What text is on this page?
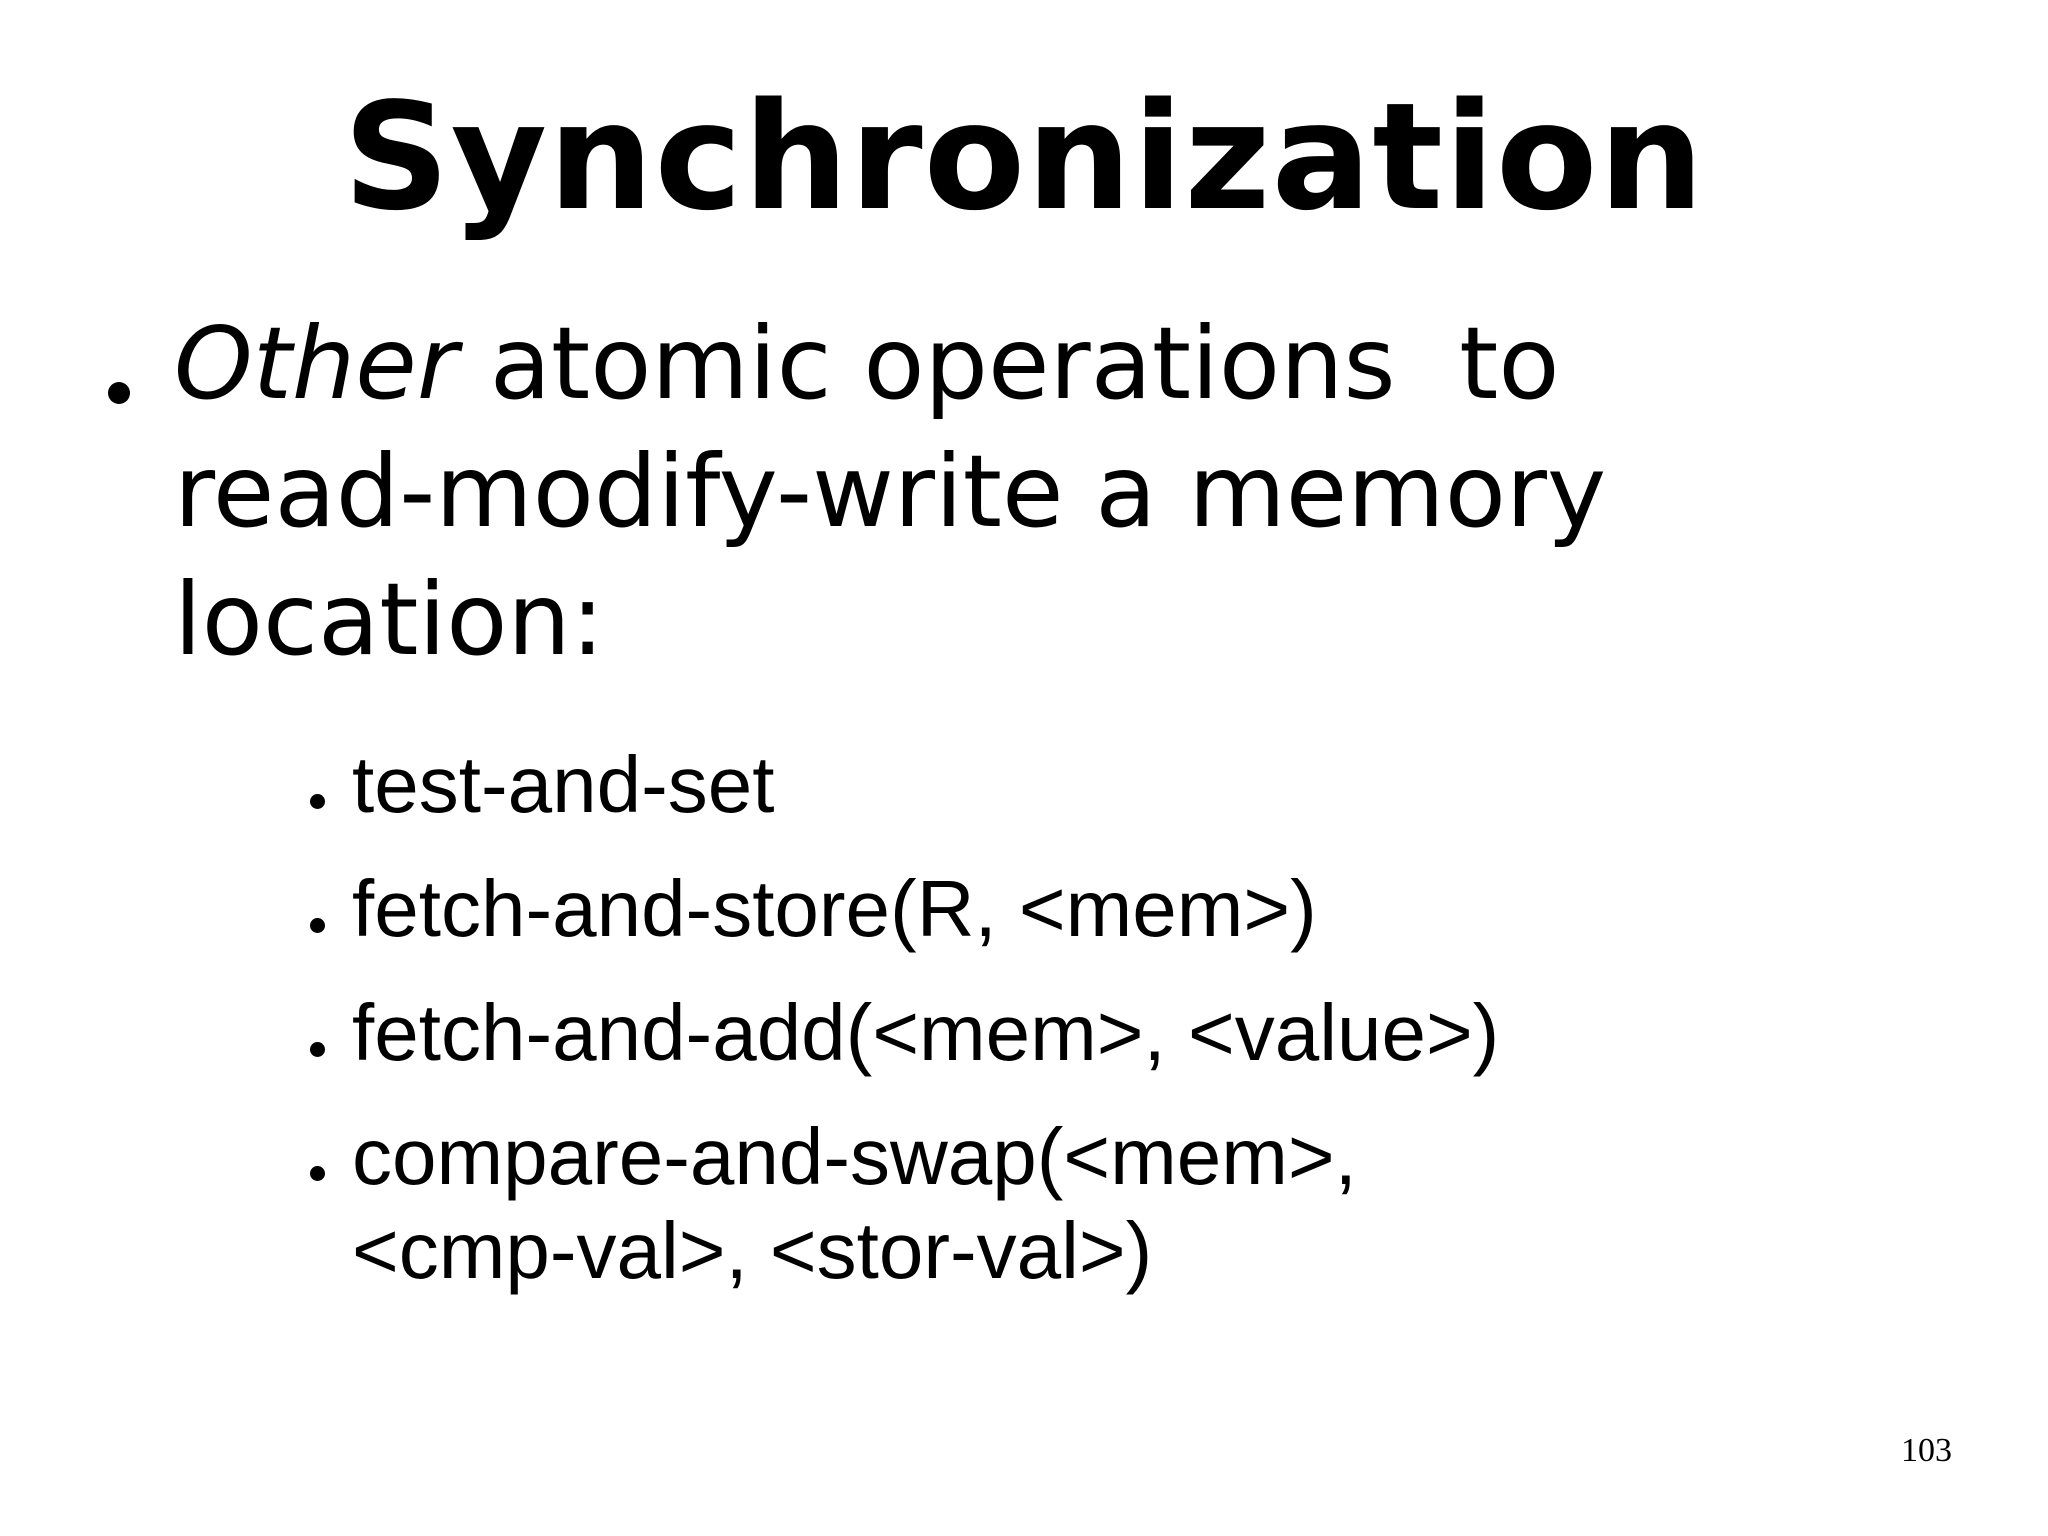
Synchronization
Other atomic operations  to
read-modify-write a memory
location:
test-and-set
fetch-and-store(R, <mem>)
fetch-and-add(<mem>, <value>)
compare-and-swap(<mem>,
<cmp-val>, <stor-val>)
103
